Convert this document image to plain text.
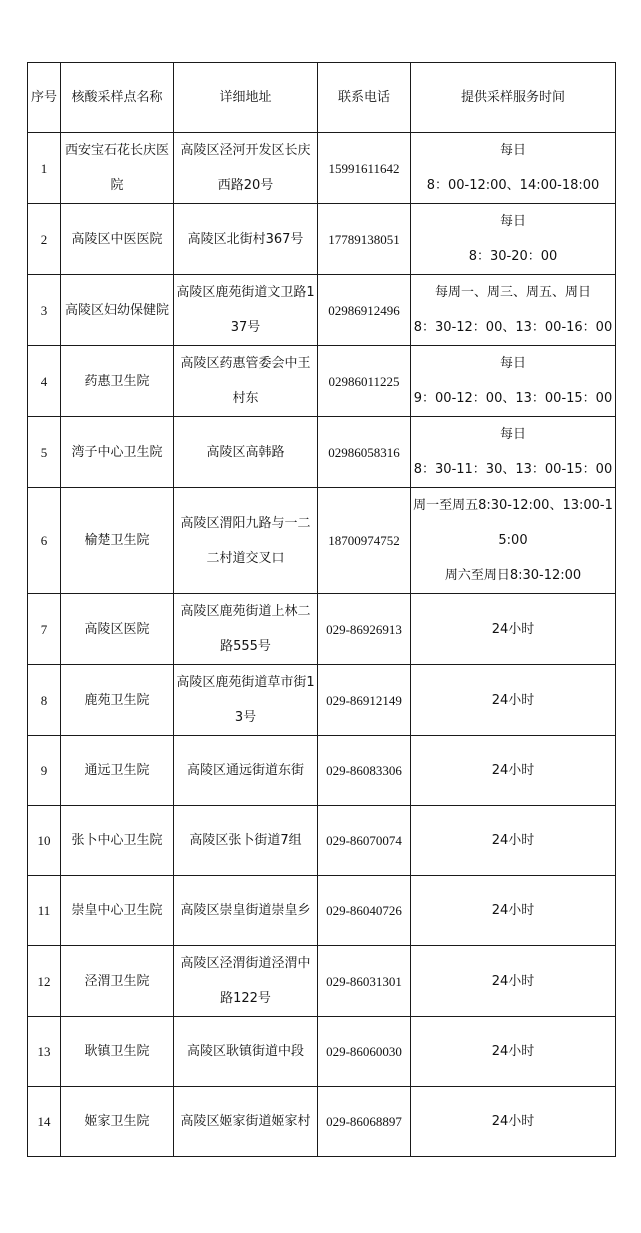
序号	核酸采样点名称	详细地址	联系电话	提供采样服务时间
1	西安宝石花长庆医院	高陵区泾河开发区长庆西路20号	15991611642	每日
8：00-12:00、14:00-18:00

2	高陵区中医医院	高陵区北街村367号	17789138051	每日
8：30-20：00

3	高陵区妇幼保健院	高陵区鹿苑街道文卫路137号	02986912496	每周一、周三、周五、周日
8：30-12：00、13：00-16：00

4	药惠卫生院	高陵区药惠管委会中王村东	02986011225	每日
9：00-12：00、13：00-15：00

5	湾子中心卫生院	高陵区高韩路	02986058316	每日
8：30-11：30、13：00-15：00

6	榆楚卫生院	高陵区渭阳九路与一二二村道交叉口	18700974752	周一至周五8:30-12:00、13:00-15:00
周六至周日8:30-12:00

7	高陵区医院	高陵区鹿苑街道上林二路555号	029-86926913	24小时

8	鹿苑卫生院	高陵区鹿苑街道草市街13号	029-86912149	24小时

9	通远卫生院	高陵区通远街道东街	029-86083306	24小时

10	张卜中心卫生院	高陵区张卜街道7组	029-86070074	24小时

11	崇皇中心卫生院	高陵区崇皇街道崇皇乡	029-86040726	24小时

12	泾渭卫生院	高陵区泾渭街道泾渭中路122号	029-86031301	24小时

13	耿镇卫生院	高陵区耿镇街道中段	029-86060030	24小时

14	姬家卫生院	高陵区姬家街道姬家村	029-86068897	24小时
